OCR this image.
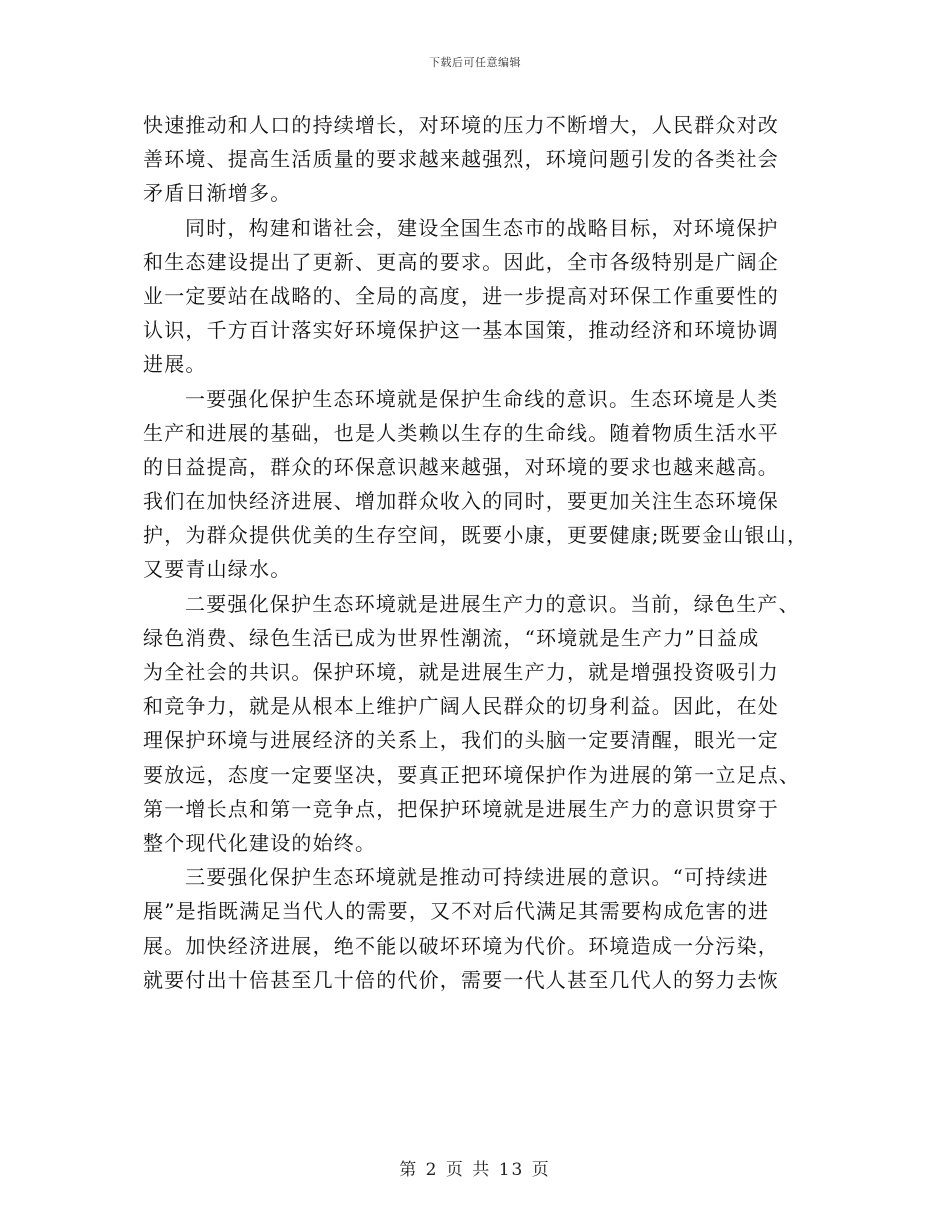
下载后可任意编辑
快速推动和人口的持续增长，对环境的压力不断增大，人民群众对改
善环境、提高生活质量的要求越来越强烈，环境问题引发的各类社会
矛盾日渐增多。
同时，构建和谐社会，建设全国生态市的战略目标，对环境保护
和生态建设提出了更新、更高的要求。因此，全市各级特别是广阔企
业一定要站在战略的、全局的高度，进一步提高对环保工作重要性的
认识，千方百计落实好环境保护这一基本国策，推动经济和环境协调
进展。
一要强化保护生态环境就是保护生命线的意识。生态环境是人类
生产和进展的基础，也是人类赖以生存的生命线。随着物质生活水平
的日益提高，群众的环保意识越来越强，对环境的要求也越来越高。
我们在加快经济进展、增加群众收入的同时，要更加关注生态环境保
护，为群众提供优美的生存空间，既要小康，更要健康;既要金山银山，
又要青山绿水。
二要强化保护生态环境就是进展生产力的意识。当前，绿色生产、
绿色消费、绿色生活已成为世界性潮流，“环境就是生产力”日益成
为全社会的共识。保护环境，就是进展生产力，就是增强投资吸引力
和竞争力，就是从根本上维护广阔人民群众的切身利益。因此，在处
理保护环境与进展经济的关系上，我们的头脑一定要清醒，眼光一定
要放远，态度一定要坚决，要真正把环境保护作为进展的第一立足点、
第一增长点和第一竞争点，把保护环境就是进展生产力的意识贯穿于
整个现代化建设的始终。
三要强化保护生态环境就是推动可持续进展的意识。“可持续进
展”是指既满足当代人的需要，又不对后代满足其需要构成危害的进
展。加快经济进展，绝不能以破坏环境为代价。环境造成一分污染，
就要付出十倍甚至几十倍的代价，需要一代人甚至几代人的努力去恢
第 2 页 共 13 页
